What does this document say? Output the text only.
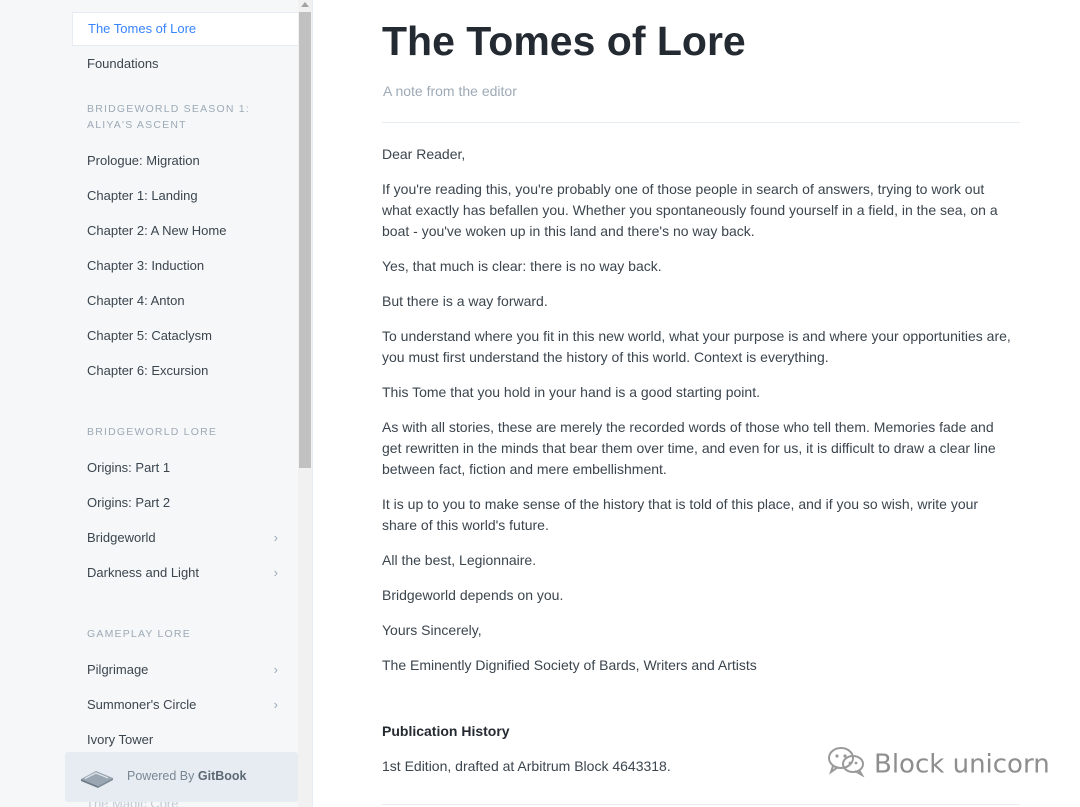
The Tomes of Lore
Foundations
BRIDGEWORLD SEASON 1:
ALIYA'S ASCENT
Prologue: Migration
Chapter 1: Landing
Chapter 2: A New Home
Chapter 3: Induction
Chapter 4: Anton
Chapter 5: Cataclysm
Chapter 6: Excursion
BRIDGEWORLD LORE
Origins: Part 1
Origins: Part 2
Bridgeworld	›
Darkness and Light	›
GAMEPLAY LORE
Pilgrimage	›
Summoner's Circle	›
Ivory Tower
Powered By GitBook
The Tomes of Lore
A note from the editor

Dear Reader,

If you're reading this, you're probably one of those people in search of answers, trying to work out what exactly has befallen you. Whether you spontaneously found yourself in a field, in the sea, on a boat - you've woken up in this land and there's no way back.

Yes, that much is clear: there is no way back.

But there is a way forward.

To understand where you fit in this new world, what your purpose is and where your opportunities are, you must first understand the history of this world. Context is everything.

This Tome that you hold in your hand is a good starting point.

As with all stories, these are merely the recorded words of those who tell them. Memories fade and get rewritten in the minds that bear them over time, and even for us, it is difficult to draw a clear line between fact, fiction and mere embellishment.

It is up to you to make sense of the history that is told of this place, and if you so wish, write your share of this world's future.

All the best, Legionnaire.

Bridgeworld depends on you.

Yours Sincerely,

The Eminently Dignified Society of Bards, Writers and Artists

Publication History
1st Edition, drafted at Arbitrum Block 4643318.	Block unicorn
